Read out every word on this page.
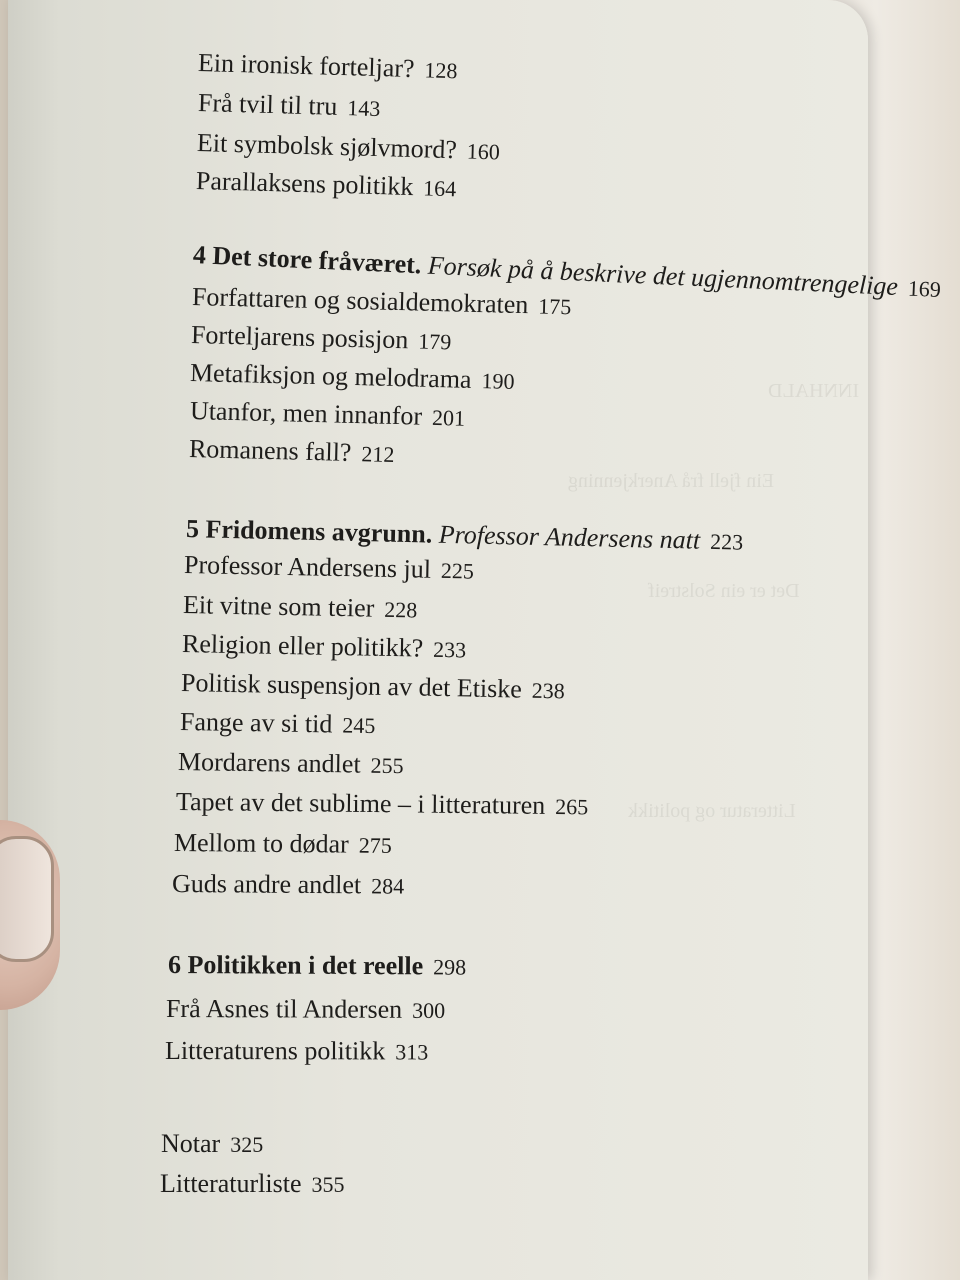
INNHALD
Ein fjell frå Anerkjenning
Det er ein Solstreif
Litteratur og politikk
Ein ironisk forteljar? 128
Frå tvil til tru 143
Eit symbolsk sjølvmord? 160
Parallaksens politikk 164
4 Det store fråværet. Forsøk på å beskrive det ugjennomtrengelige 169
Forfattaren og sosialdemokraten 175
Forteljarens posisjon 179
Metafiksjon og melodrama 190
Utanfor, men innanfor 201
Romanens fall? 212
5 Fridomens avgrunn. Professor Andersens natt 223
Professor Andersens jul 225
Eit vitne som teier 228
Religion eller politikk? 233
Politisk suspensjon av det Etiske 238
Fange av si tid 245
Mordarens andlet 255
Tapet av det sublime – i litteraturen 265
Mellom to dødar 275
Guds andre andlet 284
6 Politikken i det reelle 298
Frå Asnes til Andersen 300
Litteraturens politikk 313
Notar 325
Litteraturliste 355
